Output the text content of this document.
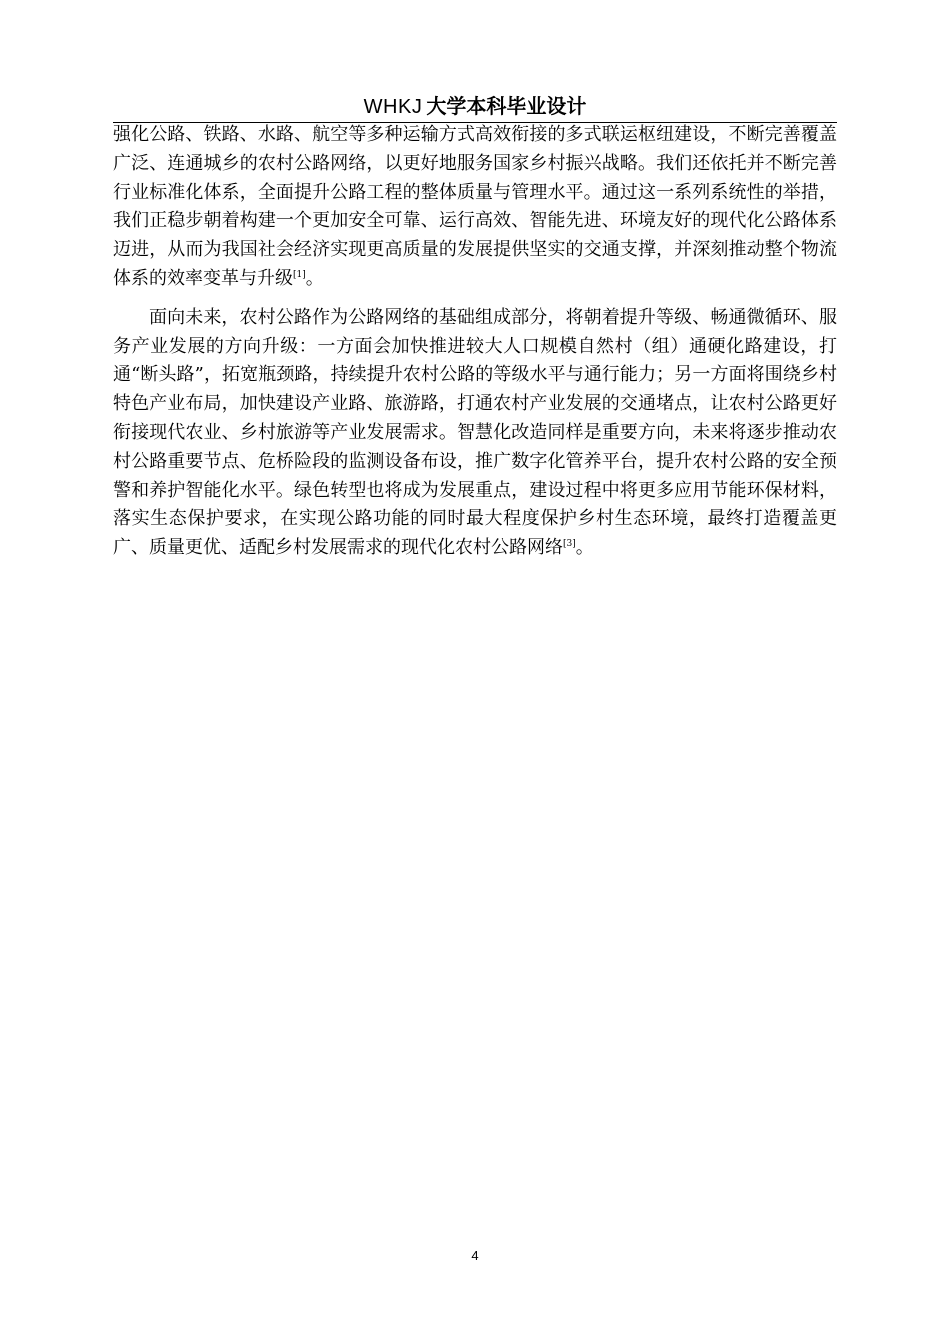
WHKJ 大学本科毕业设计

强化公路、铁路、水路、航空等多种运输方式高效衔接的多式联运枢纽建设，不断完善覆盖广泛、连通城乡的农村公路网络，以更好地服务国家乡村振兴战略。我们还依托并不断完善行业标准化体系，全面提升公路工程的整体质量与管理水平。通过这一系列系统性的举措，我们正稳步朝着构建一个更加安全可靠、运行高效、智能先进、环境友好的现代化公路体系迈进，从而为我国社会经济实现更高质量的发展提供坚实的交通支撑，并深刻推动整个物流体系的效率变革与升级[1]。

面向未来，农村公路作为公路网络的基础组成部分，将朝着提升等级、畅通微循环、服务产业发展的方向升级：一方面会加快推进较大人口规模自然村（组）通硬化路建设，打通“断头路”，拓宽瓶颈路，持续提升农村公路的等级水平与通行能力；另一方面将围绕乡村特色产业布局，加快建设产业路、旅游路，打通农村产业发展的交通堵点，让农村公路更好衔接现代农业、乡村旅游等产业发展需求。智慧化改造同样是重要方向，未来将逐步推动农村公路重要节点、危桥险段的监测设备布设，推广数字化管养平台，提升农村公路的安全预警和养护智能化水平。绿色转型也将成为发展重点，建设过程中将更多应用节能环保材料，落实生态保护要求，在实现公路功能的同时最大程度保护乡村生态环境，最终打造覆盖更广、质量更优、适配乡村发展需求的现代化农村公路网络[3]。

4
